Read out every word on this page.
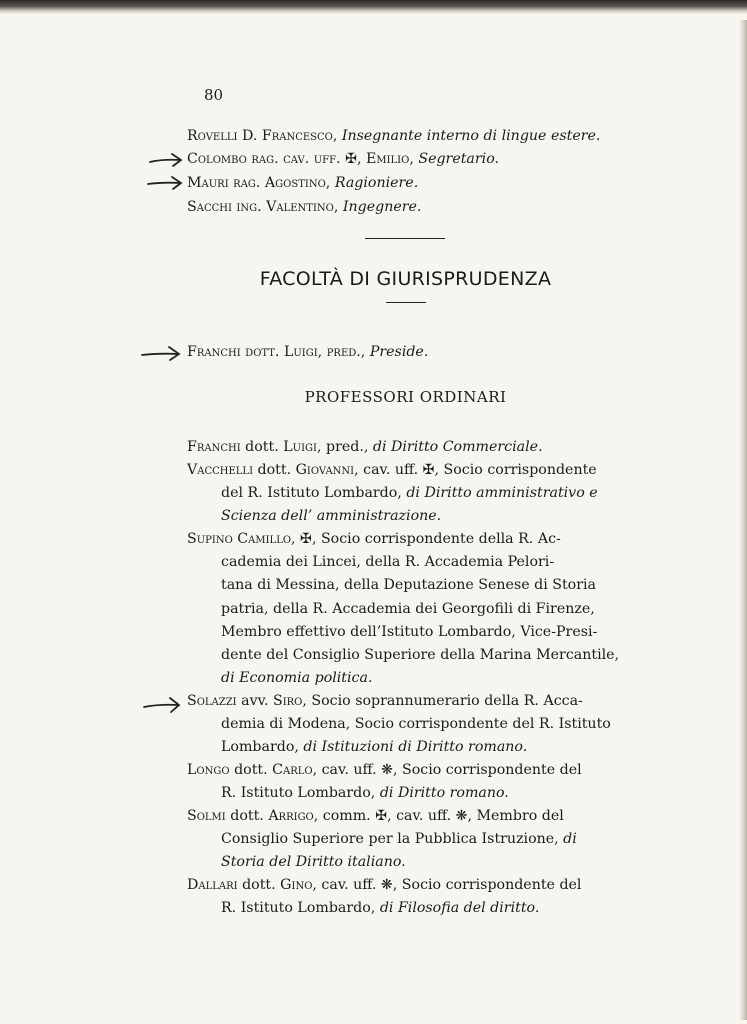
80
Rovelli D. Francesco, Insegnante interno di lingue estere.
Colombo rag. cav. uff. ✠, Emilio, Segretario.
Mauri rag. Agostino, Ragioniere.
Sacchi ing. Valentino, Ingegnere.
FACOLTÀ DI GIURISPRUDENZA
Franchi dott. Luigi, pred., Preside.
PROFESSORI ORDINARI
Franchi dott. Luigi, pred., di Diritto Commerciale.
Vacchelli dott. Giovanni, cav. uff. ✠, Socio corrispondente
del R. Istituto Lombardo, di Diritto amministrativo e
Scienza dell’ amministrazione.
Supino Camillo, ✠, Socio corrispondente della R. Ac-
cademia dei Lincei, della R. Accademia Pelori-
tana di Messina, della Deputazione Senese di Storia
patria, della R. Accademia dei Georgofili di Firenze,
Membro effettivo dell’Istituto Lombardo, Vice-Presi-
dente del Consiglio Superiore della Marina Mercantile,
di Economia politica.
Solazzi avv. Siro, Socio soprannumerario della R. Acca-
demia di Modena, Socio corrispondente del R. Istituto
Lombardo, di Istituzioni di Diritto romano.
Longo dott. Carlo, cav. uff. ❋, Socio corrispondente del
R. Istituto Lombardo, di Diritto romano.
Solmi dott. Arrigo, comm. ✠, cav. uff. ❋, Membro del
Consiglio Superiore per la Pubblica Istruzione, di
Storia del Diritto italiano.
Dallari dott. Gino, cav. uff. ❋, Socio corrispondente del
R. Istituto Lombardo, di Filosofia del diritto.
